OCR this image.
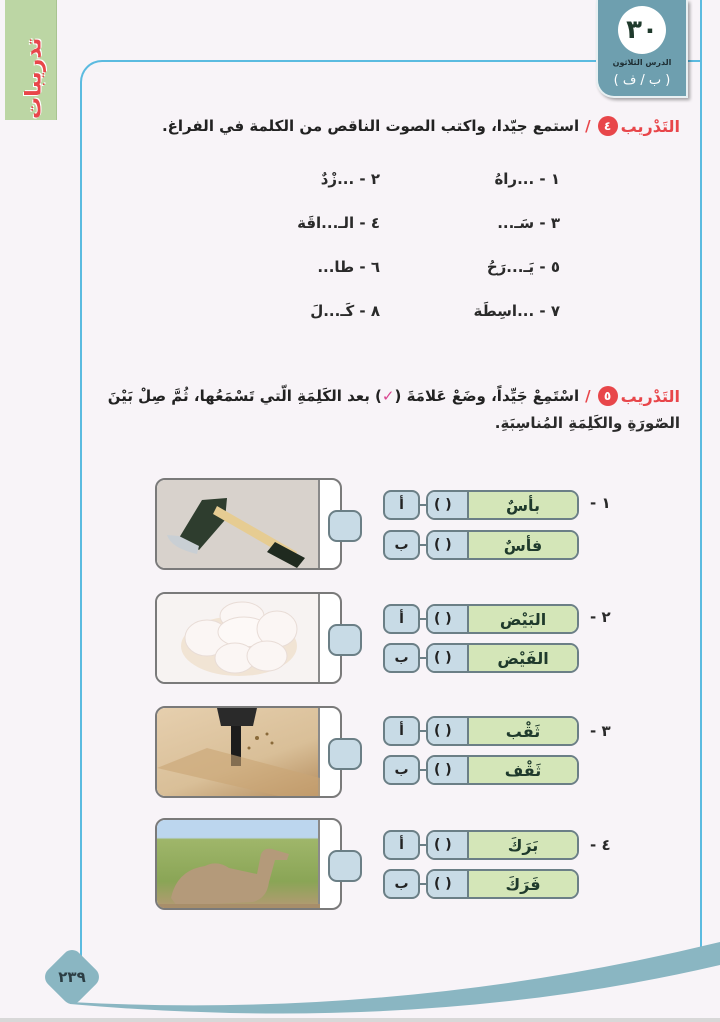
تدريبات
٣٠
الدرس الثلاثون
( ب / ف )
التَدْريب
٤
/
استمع جيّدا، واكتب الصوت الناقص من الكلمة في الفراغ.
١ - ...راهُ
٢ - ...زْدٌ
٣ - سَـ...
٤ - الـ...اقَة
٥ - يَـ...رَحُ
٦ - طا...
٧ - ...اسِطَة
٨ - كَـ...لَ
التَدْريب
٥
/
اسْتَمِعْ جَيِّداً، وضَعْ عَلامَةَ (
✓
) بعد الكَلِمَةِ الّتي تَسْمَعُها، ثُمَّ صِلْ بَيْنَ
الصّورَةِ والكَلِمَةِ المُناسِبَةِ.
١ -
أ	( )	بأسٌ
ب	( )	فأسٌ
٢ -
أ	( )	البَيْض
ب	( )	الفَيْض
٣ -
أ	( )	ثَقْب
ب	( )	ثَقْف
٤ -
أ	( )	بَرَكَ
ب	( )	فَرَكَ
٢٣٩
